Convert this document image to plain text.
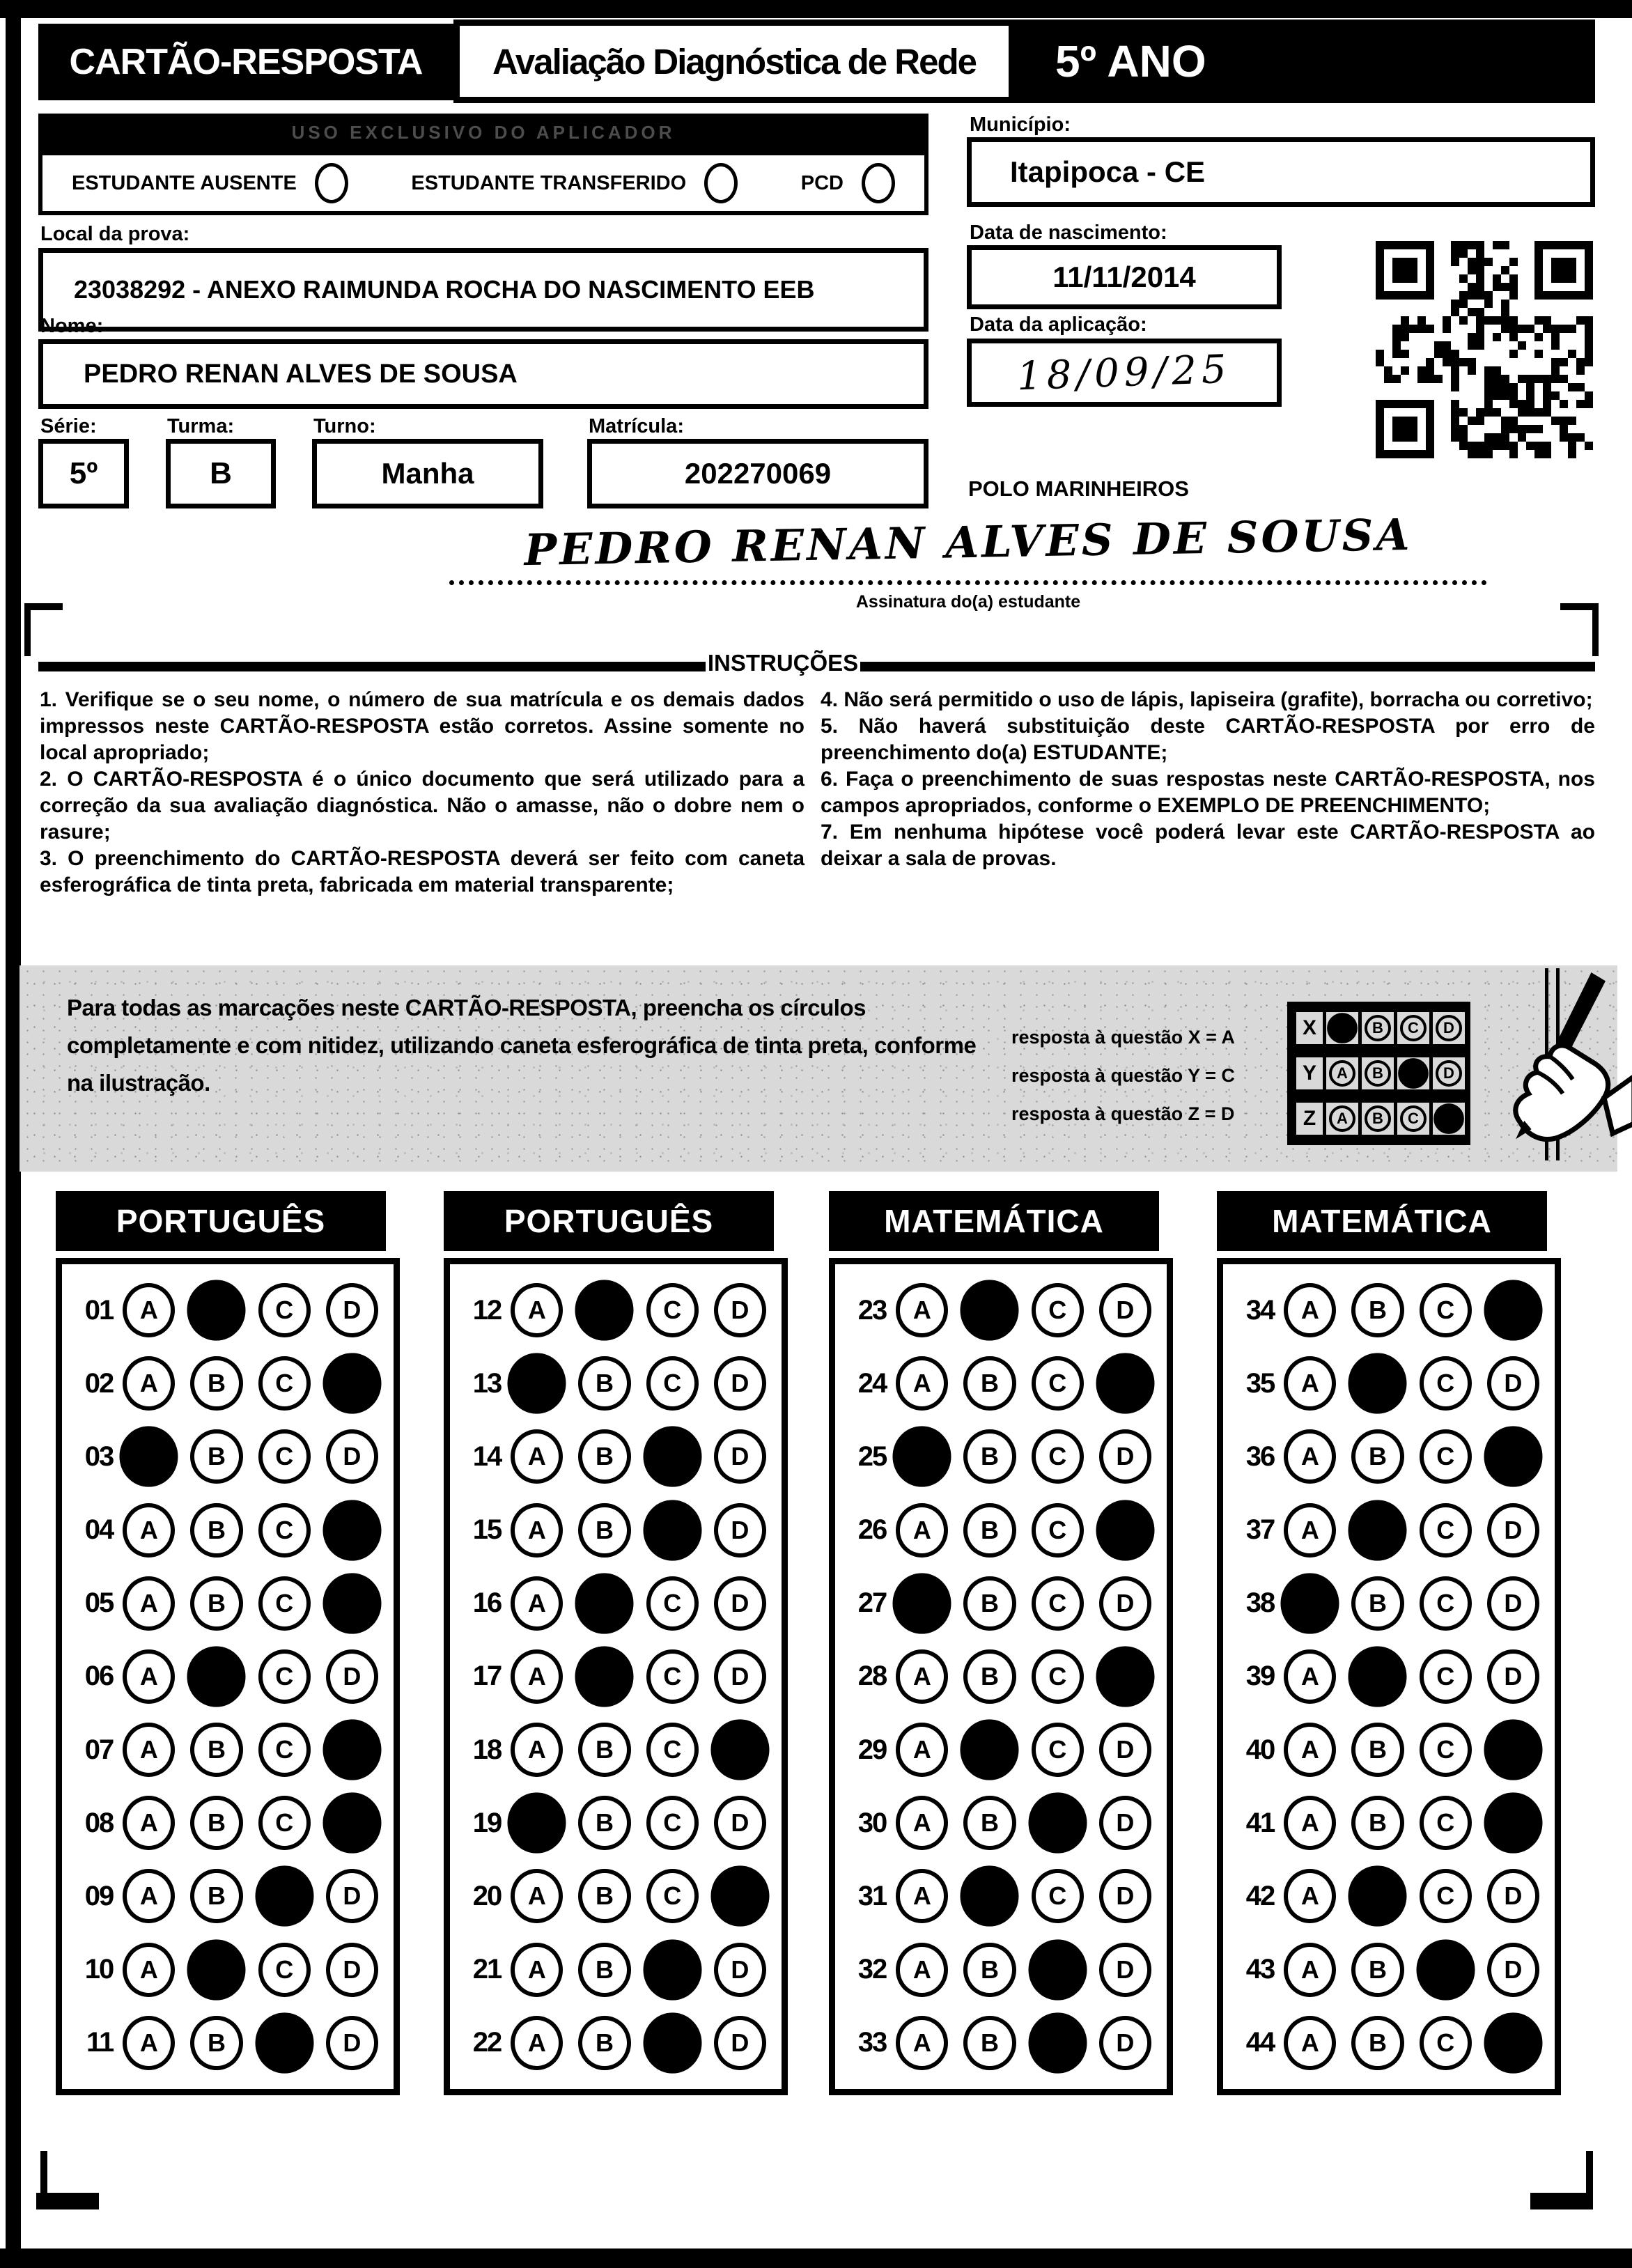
CARTÃO-RESPOSTA	Avaliação Diagnóstica de Rede	5º ANO
USO EXCLUSIVO DO APLICADOR
ESTUDANTE AUSENTE	ESTUDANTE TRANSFERIDO	PCD
Local da prova:
23038292 - ANEXO RAIMUNDA ROCHA DO NASCIMENTO EEB
Nome:
PEDRO RENAN ALVES DE SOUSA
Série:
5º
Turma:
B
Turno:
Manha
Matrícula:
202270069
Município:
Itapipoca - CE
Data de nascimento:
11/11/2014
Data da aplicação:
18/09/25
POLO MARINHEIROS
PEDRO RENAN ALVES DE SOUSA
Assinatura do(a) estudante
INSTRUÇÕES

1. Verifique se o seu nome, o número de sua matrícula e os demais dados impressos neste CARTÃO-RESPOSTA estão corretos. Assine somente no local apropriado;

2. O CARTÃO-RESPOSTA é o único documento que será utilizado para a correção da sua avaliação diagnóstica. Não o amasse, não o dobre nem o rasure;

3. O preenchimento do CARTÃO-RESPOSTA deverá ser feito com caneta esferográfica de tinta preta, fabricada em material transparente;

4. Não será permitido o uso de lápis, lapiseira (grafite), borracha ou corretivo;

5. Não haverá substituição deste CARTÃO-RESPOSTA por erro de preenchimento do(a) ESTUDANTE;

6. Faça o preenchimento de suas respostas neste CARTÃO-RESPOSTA, nos campos apropriados, conforme o EXEMPLO DE PREENCHIMENTO;

7. Em nenhuma hipótese você poderá levar este CARTÃO-RESPOSTA ao deixar a sala de provas.

Para todas as marcações neste CARTÃO-RESPOSTA, preencha os círculos completamente e com nitidez, utilizando caneta esferográfica de tinta preta, conforme na ilustração.
resposta à questão X = A
resposta à questão Y = C
resposta à questão Z = D
X	B	C	D
Y	A	B	D
Z	A	B	C
PORTUGUÊS
01	A	C	D
02	A	B	C
03	B	C	D
04	A	B	C
05	A	B	C
06	A	C	D
07	A	B	C
08	A	B	C
09	A	B	D
10	A	C	D
11	A	B	D
PORTUGUÊS
12	A	C	D
13	B	C	D
14	A	B	D
15	A	B	D
16	A	C	D
17	A	C	D
18	A	B	C
19	B	C	D
20	A	B	C
21	A	B	D
22	A	B	D
MATEMÁTICA
23	A	C	D
24	A	B	C
25	B	C	D
26	A	B	C
27	B	C	D
28	A	B	C
29	A	C	D
30	A	B	D
31	A	C	D
32	A	B	D
33	A	B	D
MATEMÁTICA
34	A	B	C
35	A	C	D
36	A	B	C
37	A	C	D
38	B	C	D
39	A	C	D
40	A	B	C
41	A	B	C
42	A	C	D
43	A	B	D
44	A	B	C
